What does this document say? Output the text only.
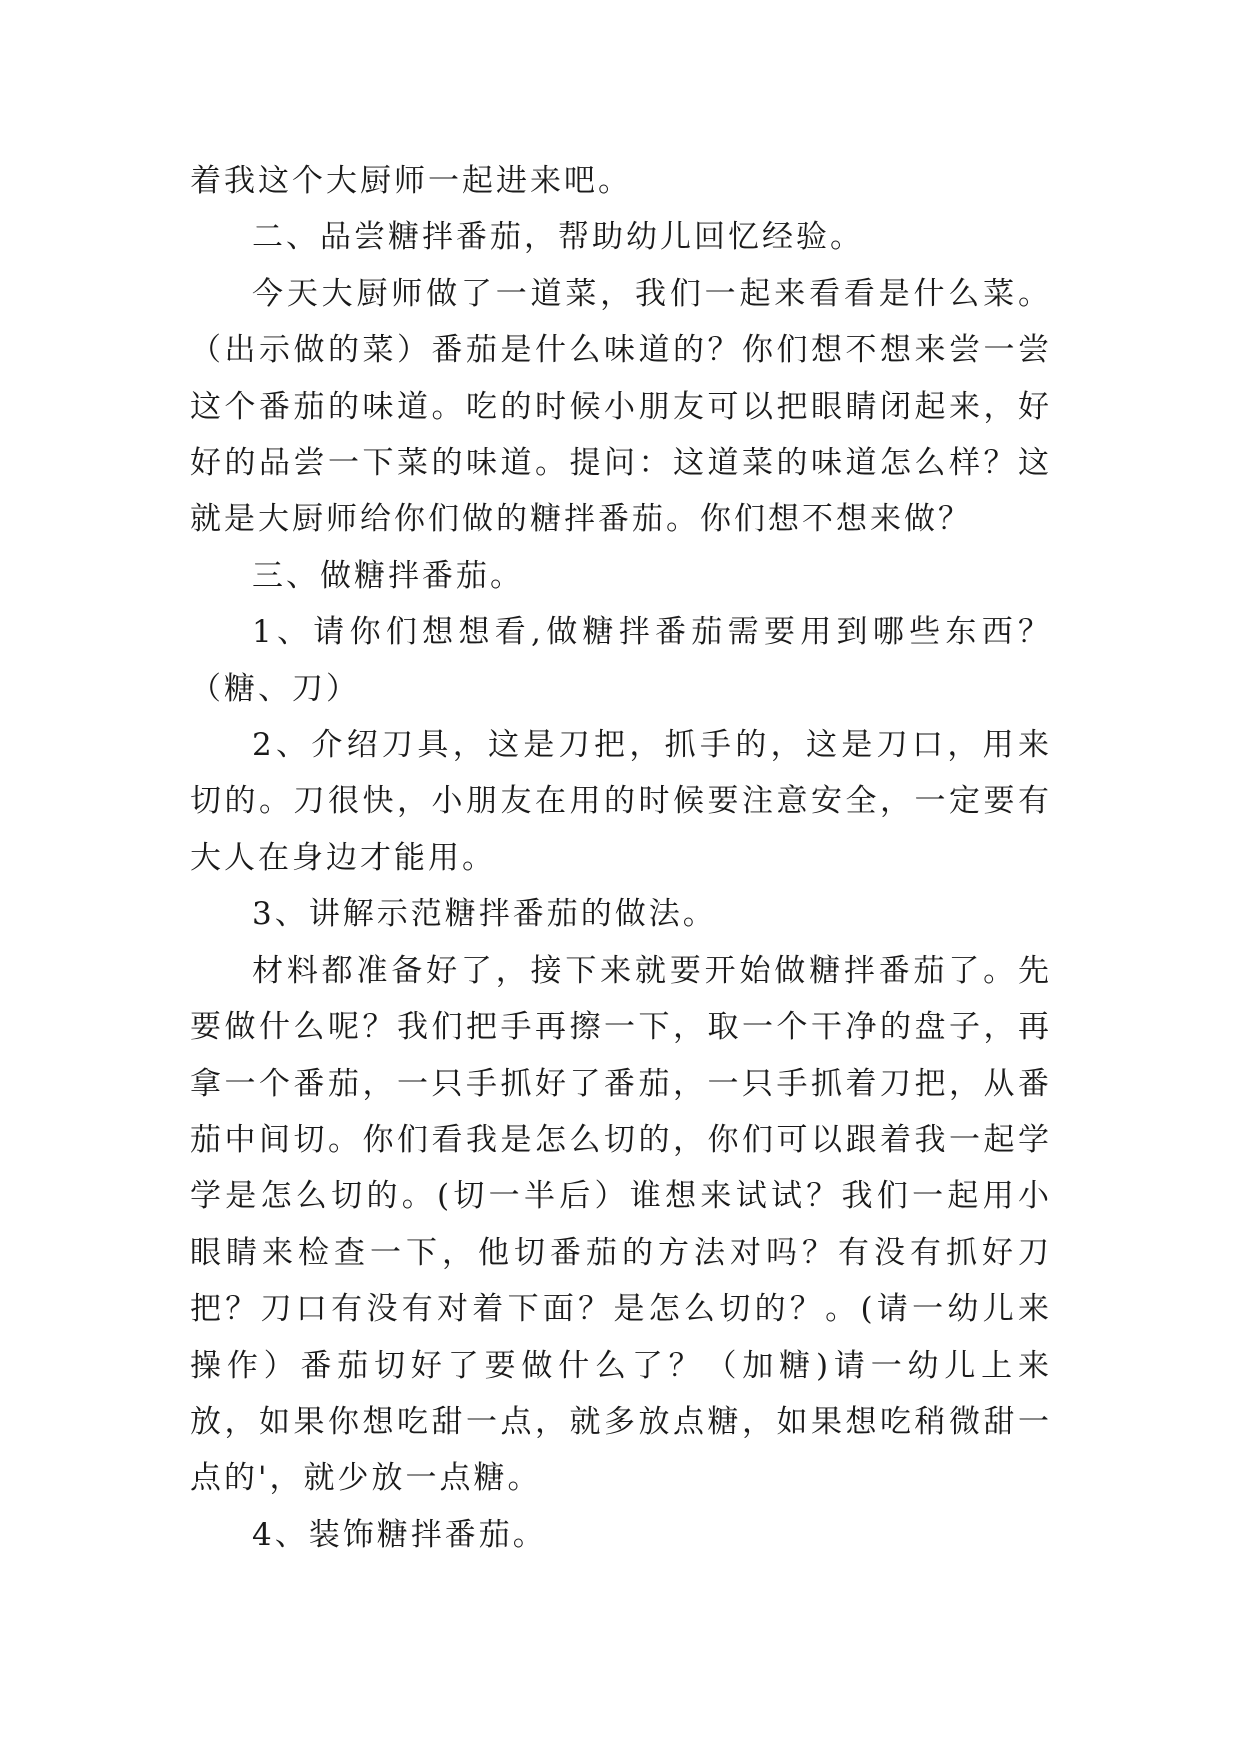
着我这个大厨师一起进来吧。

二、品尝糖拌番茄，帮助幼儿回忆经验。

今天大厨师做了一道菜，我们一起来看看是什么菜。（出示做的菜）番茄是什么味道的？你们想不想来尝一尝这个番茄的味道。吃的时候小朋友可以把眼睛闭起来，好好的品尝一下菜的味道。提问：这道菜的味道怎么样？这就是大厨师给你们做的糖拌番茄。你们想不想来做？

三、做糖拌番茄。

1、请你们想想看,做糖拌番茄需要用到哪些东西？（糖、刀）

2、介绍刀具，这是刀把，抓手的，这是刀口，用来切的。刀很快，小朋友在用的时候要注意安全，一定要有大人在身边才能用。

3、讲解示范糖拌番茄的做法。

材料都准备好了，接下来就要开始做糖拌番茄了。先要做什么呢？我们把手再擦一下，取一个干净的盘子，再拿一个番茄，一只手抓好了番茄，一只手抓着刀把，从番茄中间切。你们看我是怎么切的，你们可以跟着我一起学学是怎么切的。(切一半后）谁想来试试？我们一起用小眼睛来检查一下，他切番茄的方法对吗？有没有抓好刀把？刀口有没有对着下面？是怎么切的？。(请一幼儿来操作）番茄切好了要做什么了？（加糖)请一幼儿上来放，如果你想吃甜一点，就多放点糖，如果想吃稍微甜一点的'，就少放一点糖。

4、装饰糖拌番茄。
